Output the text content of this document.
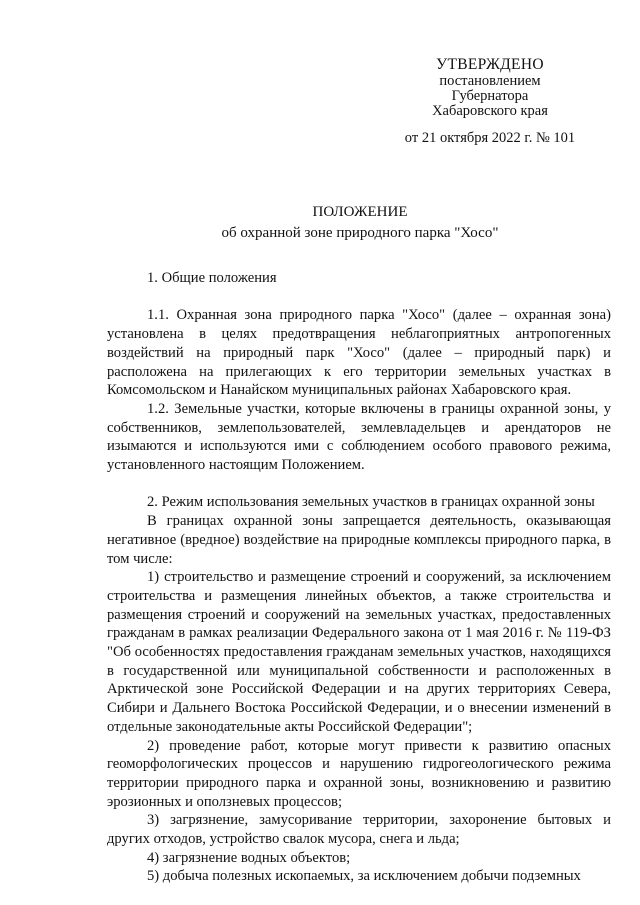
УТВЕРЖДЕНО
постановлением
Губернатора
Хабаровского края
от 21 октября 2022 г. № 101
ПОЛОЖЕНИЕ
об охранной зоне природного парка "Хосо"

1. Общие положения

1.1. Охранная зона природного парка "Хосо" (далее – охранная зона) установлена в целях предотвращения неблагоприятных антропогенных воздействий на природный парк "Хосо" (далее – природный парк) и расположена на прилегающих к его территории земельных участках в Комсомольском и Нанайском муниципальных районах Хабаровского края.

1.2. Земельные участки, которые включены в границы охранной зоны, у собственников, землепользователей, землевладельцев и арендаторов не изымаются и используются ими с соблюдением особого правового режима, установленного настоящим Положением.

2. Режим использования земельных участков в границах охранной зоны

В границах охранной зоны запрещается деятельность, оказывающая негативное (вредное) воздействие на природные комплексы природного парка, в том числе:

1) строительство и размещение строений и сооружений, за исключением строительства и размещения линейных объектов, а также строительства и размещения строений и сооружений на земельных участках, предоставленных гражданам в рамках реализации Федерального закона от 1 мая 2016 г. № 119-ФЗ "Об особенностях предоставления гражданам земельных участков, находящихся в государственной или муниципальной собственности и расположенных в Арктической зоне Российской Федерации и на других территориях Севера, Сибири и Дальнего Востока Российской Федерации, и о внесении изменений в отдельные законодательные акты Российской Федерации";

2) проведение работ, которые могут привести к развитию опасных геоморфологических процессов и нарушению гидрогеологического режима территории природного парка и охранной зоны, возникновению и развитию эрозионных и оползневых процессов;

3) загрязнение, замусоривание территории, захоронение бытовых и других отходов, устройство свалок мусора, снега и льда;

4) загрязнение водных объектов;

5) добыча полезных ископаемых, за исключением добычи подземных
